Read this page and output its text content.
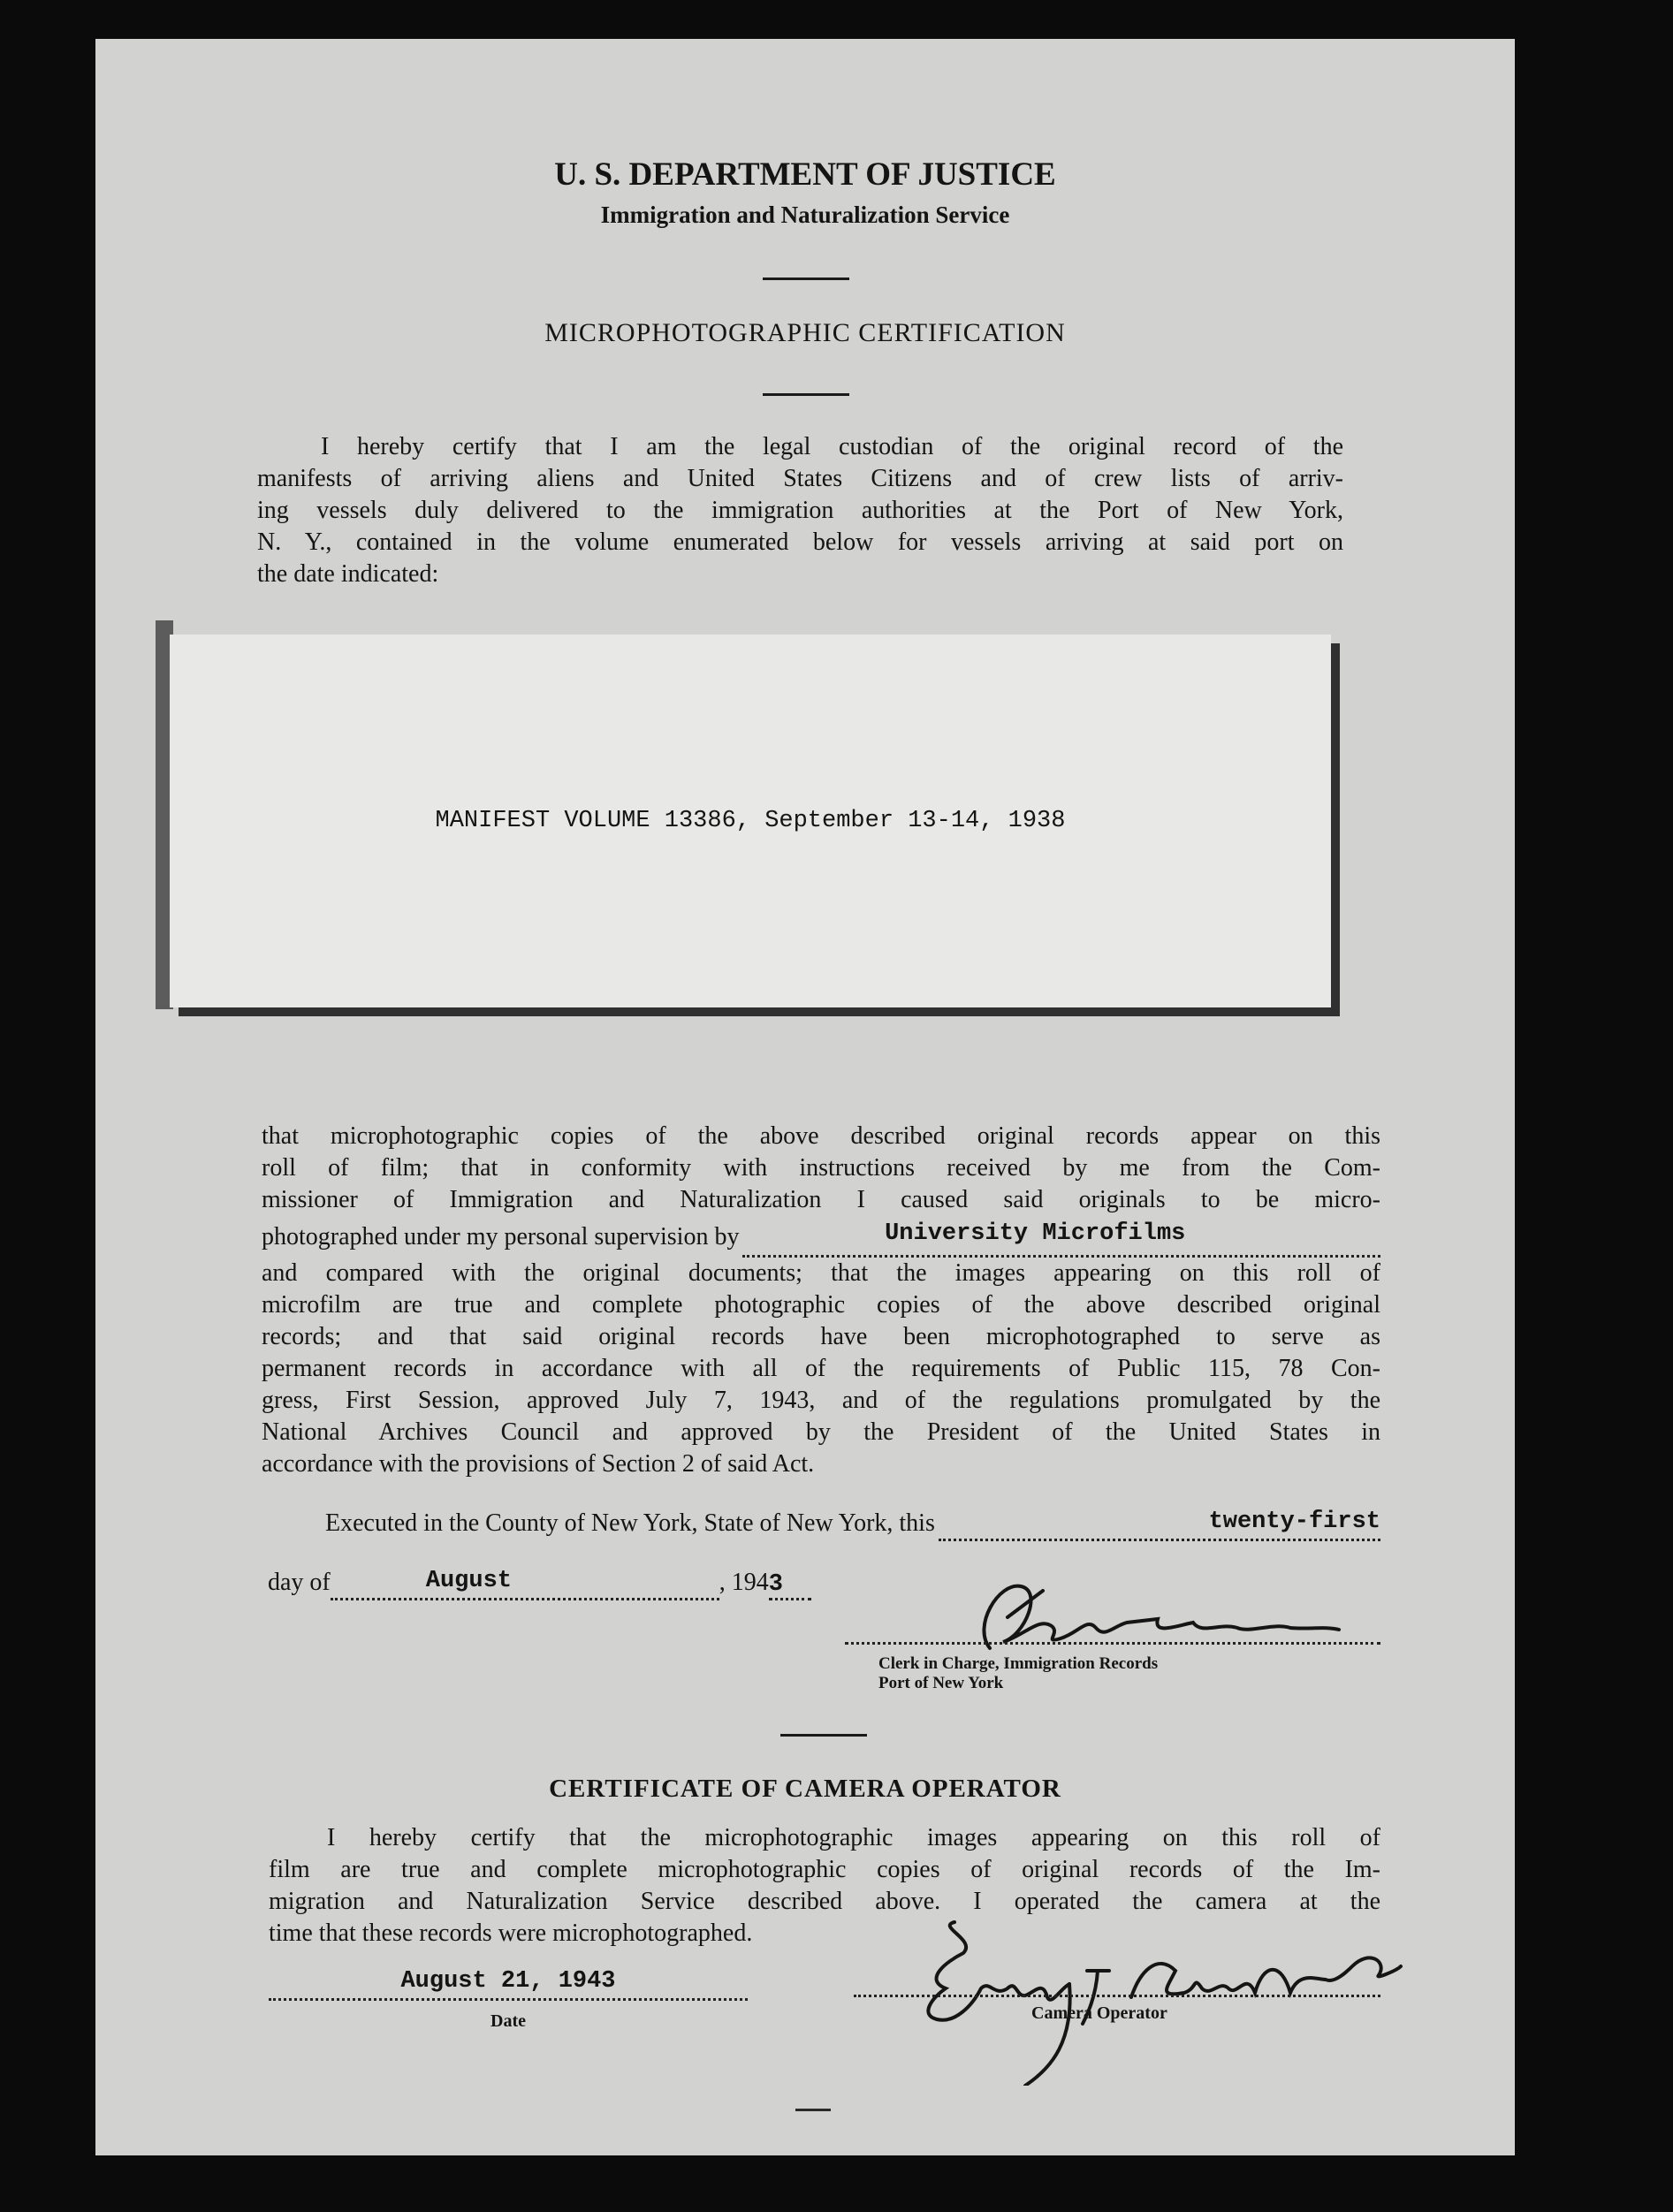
U. S. DEPARTMENT OF JUSTICE
Immigration and Naturalization Service
MICROPHOTOGRAPHIC CERTIFICATION

I hereby certify that I am the legal custodian of the original record of the

manifests of arriving aliens and United States Citizens and of crew lists of arriv-

ing vessels duly delivered to the immigration authorities at the Port of New York,

N. Y., contained in the volume enumerated below for vessels arriving at said port on

the date indicated:

MANIFEST VOLUME 13386, September 13-14, 1938

that microphotographic copies of the above described original records appear on this

roll of film; that in conformity with instructions received by me from the Com-

missioner of Immigration and Naturalization I caused said originals to be micro-

photographed under my personal supervision by	University Microfilms

and compared with the original documents; that the images appearing on this roll of

microfilm are true and complete photographic copies of the above described original

records; and that said original records have been microphotographed to serve as

permanent records in accordance with all of the requirements of Public 115, 78 Con-

gress, First Session, approved July 7, 1943, and of the regulations promulgated by the

National Archives Council and approved by the President of the United States in

accordance with the provisions of Section 2 of said Act.

Executed in the County of New York, State of New York, this	twenty-first
day of	August	, 194 3
Clerk in Charge, Immigration Records
Port of New York
CERTIFICATE OF CAMERA OPERATOR

I hereby certify that the microphotographic images appearing on this roll of

film are true and complete microphotographic copies of original records of the Im-

migration and Naturalization Service described above. I operated the camera at the

time that these records were microphotographed.

August 21, 1943
Date	Camera Operator
